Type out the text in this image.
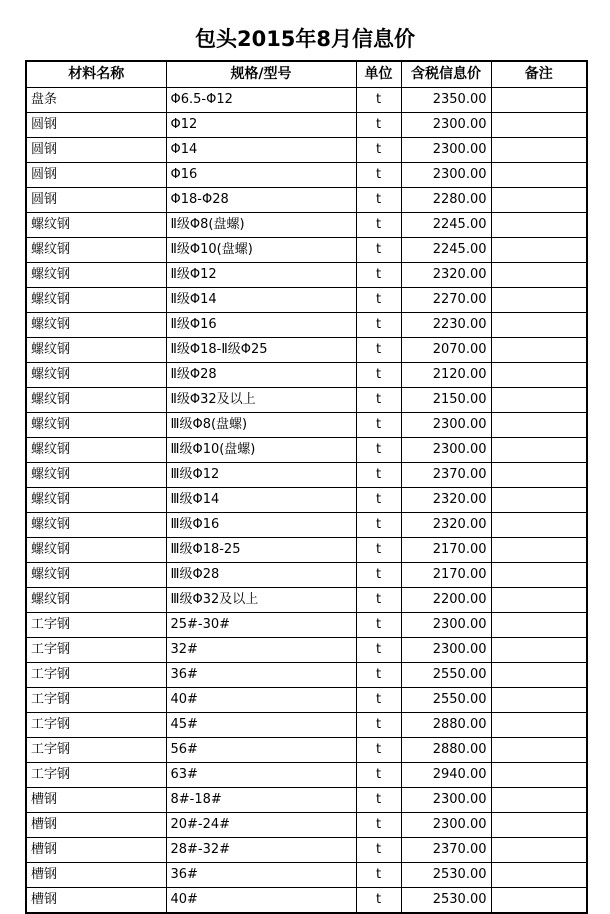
包头2015年8月信息价
材料名称	规格/型号	单位	含税信息价	备注
盘条	Φ6.5-Φ12	t	2350.00	
圆钢	Φ12	t	2300.00	
圆钢	Φ14	t	2300.00	
圆钢	Φ16	t	2300.00	
圆钢	Φ18-Φ28	t	2280.00	
螺纹钢	Ⅱ级Φ8(盘螺)	t	2245.00	
螺纹钢	Ⅱ级Φ10(盘螺)	t	2245.00	
螺纹钢	Ⅱ级Φ12	t	2320.00	
螺纹钢	Ⅱ级Φ14	t	2270.00	
螺纹钢	Ⅱ级Φ16	t	2230.00	
螺纹钢	Ⅱ级Φ18-Ⅱ级Φ25	t	2070.00	
螺纹钢	Ⅱ级Φ28	t	2120.00	
螺纹钢	Ⅱ级Φ32及以上	t	2150.00	
螺纹钢	Ⅲ级Φ8(盘螺)	t	2300.00	
螺纹钢	Ⅲ级Φ10(盘螺)	t	2300.00	
螺纹钢	Ⅲ级Φ12	t	2370.00	
螺纹钢	Ⅲ级Φ14	t	2320.00	
螺纹钢	Ⅲ级Φ16	t	2320.00	
螺纹钢	Ⅲ级Φ18-25	t	2170.00	
螺纹钢	Ⅲ级Φ28	t	2170.00	
螺纹钢	Ⅲ级Φ32及以上	t	2200.00	
工字钢	25#-30#	t	2300.00	
工字钢	32#	t	2300.00	
工字钢	36#	t	2550.00	
工字钢	40#	t	2550.00	
工字钢	45#	t	2880.00	
工字钢	56#	t	2880.00	
工字钢	63#	t	2940.00	
槽钢	8#-18#	t	2300.00	
槽钢	20#-24#	t	2300.00	
槽钢	28#-32#	t	2370.00	
槽钢	36#	t	2530.00	
槽钢	40#	t	2530.00	
